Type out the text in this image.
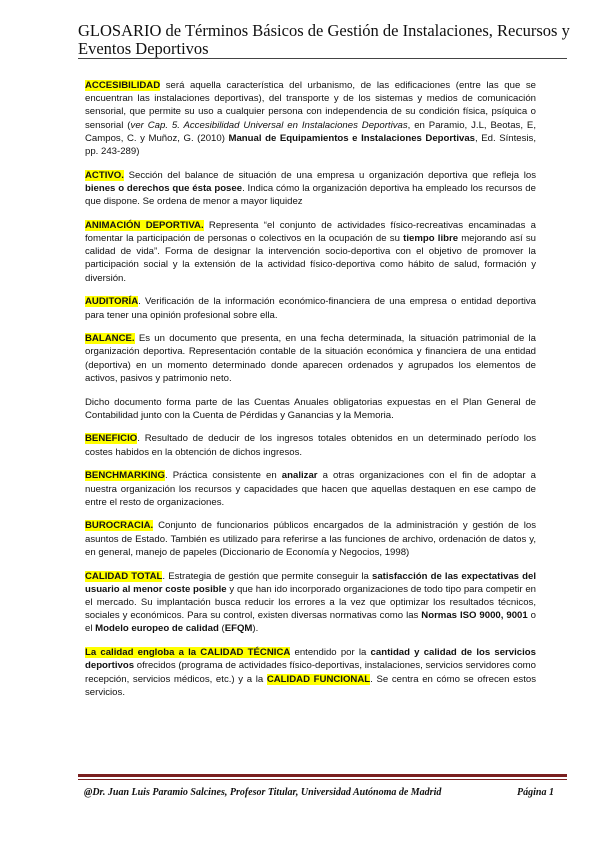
GLOSARIO de Términos Básicos de Gestión de Instalaciones, Recursos y Eventos Deportivos

ACCESIBILIDAD será aquella característica del urbanismo, de las edificaciones (entre las que se encuentran las instalaciones deportivas), del transporte y de los sistemas y medios de comunicación sensorial, que permite su uso a cualquier persona con independencia de su condición física, psíquica o sensorial (ver Cap. 5. Accesibilidad Universal en Instalaciones Deportivas, en Paramio, J.L, Beotas, E, Campos, C. y Muñoz, G. (2010) Manual de Equipamientos e Instalaciones Deportivas, Ed. Síntesis, pp. 243-289)

ACTIVO. Sección del balance de situación de una empresa u organización deportiva que refleja los bienes o derechos que ésta posee. Indica cómo la organización deportiva ha empleado los recursos de que dispone. Se ordena de menor a mayor liquidez

ANIMACIÓN DEPORTIVA. Representa “el conjunto de actividades físico-recreativas encaminadas a fomentar la participación de personas o colectivos en la ocupación de su tiempo libre mejorando así su calidad de vida”. Forma de designar la intervención socio-deportiva con el objetivo de promover la participación social y la extensión de la actividad físico-deportiva como hábito de salud, formación y diversión.

AUDITORÍA. Verificación de la información económico-financiera de una empresa o entidad deportiva para tener una opinión profesional sobre ella.

BALANCE. Es un documento que presenta, en una fecha determinada, la situación patrimonial de la organización deportiva. Representación contable de la situación económica y financiera de una entidad (deportiva) en un momento determinado donde aparecen ordenados y agrupados los elementos de activos, pasivos y patrimonio neto.

Dicho documento forma parte de las Cuentas Anuales obligatorias expuestas en el Plan General de Contabilidad junto con la Cuenta de Pérdidas y Ganancias y la Memoria.

BENEFICIO. Resultado de deducir de los ingresos totales obtenidos en un determinado período los costes habidos en la obtención de dichos ingresos.

BENCHMARKING. Práctica consistente en analizar a otras organizaciones con el fin de adoptar a nuestra organización los recursos y capacidades que hacen que aquellas destaquen en ese campo de entre el resto de organizaciones.

BUROCRACIA. Conjunto de funcionarios públicos encargados de la administración y gestión de los asuntos de Estado. También es utilizado para referirse a las funciones de archivo, ordenación de datos y, en general, manejo de papeles (Diccionario de Economía y Negocios, 1998)

CALIDAD TOTAL. Estrategia de gestión que permite conseguir la satisfacción de las expectativas del usuario al menor coste posible y que han ido incorporado organizaciones de todo tipo para competir en el mercado. Su implantación busca reducir los errores a la vez que optimizar los resultados técnicos, sociales y económicos. Para su control, existen diversas normativas como las Normas ISO 9000, 9001 o el Modelo europeo de calidad (EFQM).

La calidad engloba a la CALIDAD TÉCNICA entendido por la cantidad y calidad de los servicios deportivos ofrecidos (programa de actividades físico-deportivas, instalaciones, servicios servidores como recepción, servicios médicos, etc.) y a la CALIDAD FUNCIONAL. Se centra en cómo se ofrecen estos servicios.

@Dr. Juan Luis Paramio Salcines, Profesor Titular, Universidad Autónoma de Madrid	Página 1
